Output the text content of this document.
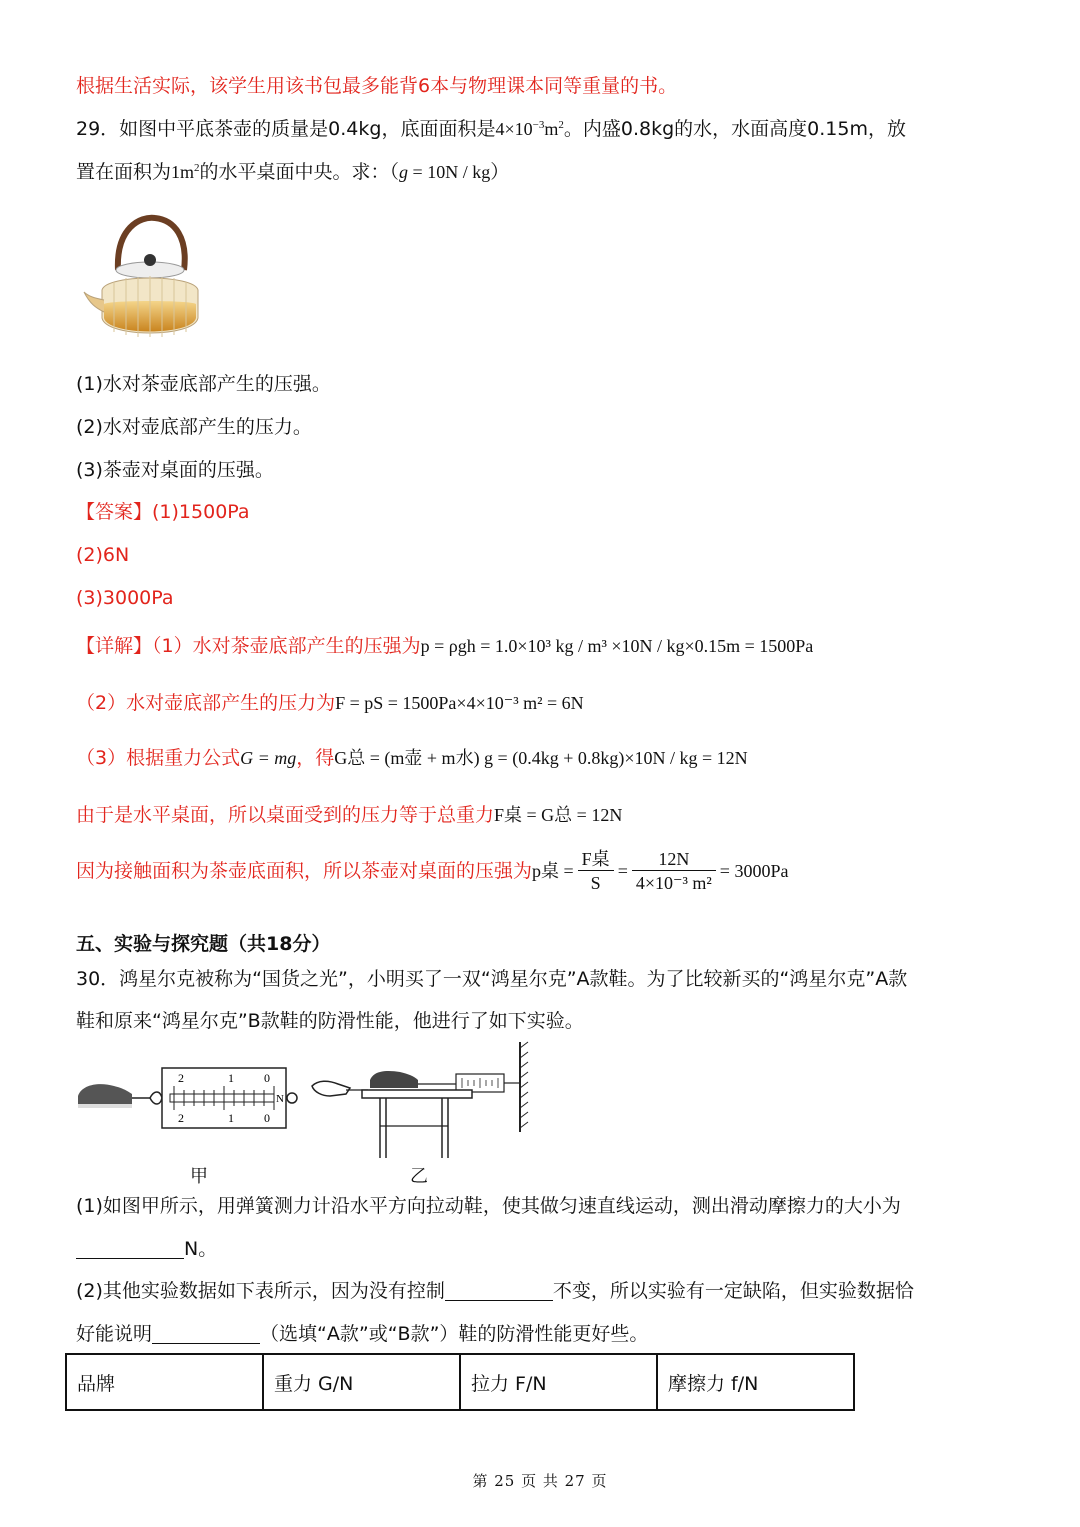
根据生活实际，该学生用该书包最多能背6本与物理课本同等重量的书。
29．如图中平底茶壶的质量是0.4kg，底面面积是$4\times 10^{-3}m^2$。内盛0.8kg的水，水面高度0.15m，放
置在面积为$1m^2$的水平桌面中央。求：（g = 10N / kg）
(1)水对茶壶底部产生的压强。
(2)水对壶底部产生的压力。
(3)茶壶对桌面的压强。
【答案】(1)1500Pa
(2)6N
(3)3000Pa
【详解】（1）水对茶壶底部产生的压强为p = ρgh = 1.0×10³ kg / m³ ×10N / kg×0.15m = 1500Pa
（2）水对壶底部产生的压力为F = pS = 1500Pa×4×10⁻³ m² = 6N
（3）根据重力公式G = mg，得G总 = (m壶 + m水) g = (0.4kg + 0.8kg)×10N / kg = 12N
由于是水平桌面，所以桌面受到的压力等于总重力F桌 = G总 = 12N
因为接触面积为茶壶底面积，所以茶壶对桌面的压强为p桌 = $\frac{\text{F桌}}{S} = \frac{12N}{\text{4×10⁻³ m²}} = 3000Pa$
五、实验与探究题（共18分）
30．鸿星尔克被称为“国货之光”，小明买了一双“鸿星尔克”A款鞋。为了比较新买的“鸿星尔克”A款
鞋和原来“鸿星尔克”B款鞋的防滑性能，他进行了如下实验。
2	1	0
2	1	0
N
甲	乙
(1)如图甲所示，用弹簧测力计沿水平方向拉动鞋，使其做匀速直线运动，测出滑动摩擦力的大小为
N。
(2)其他实验数据如下表所示，因为没有控制	不变，所以实验有一定缺陷，但实验数据恰
好能说明	（选填“A款”或“B款”）鞋的防滑性能更好些。
品牌	重力 G/N	拉力 F/N	摩擦力 f/N
第 25 页 共 27 页
